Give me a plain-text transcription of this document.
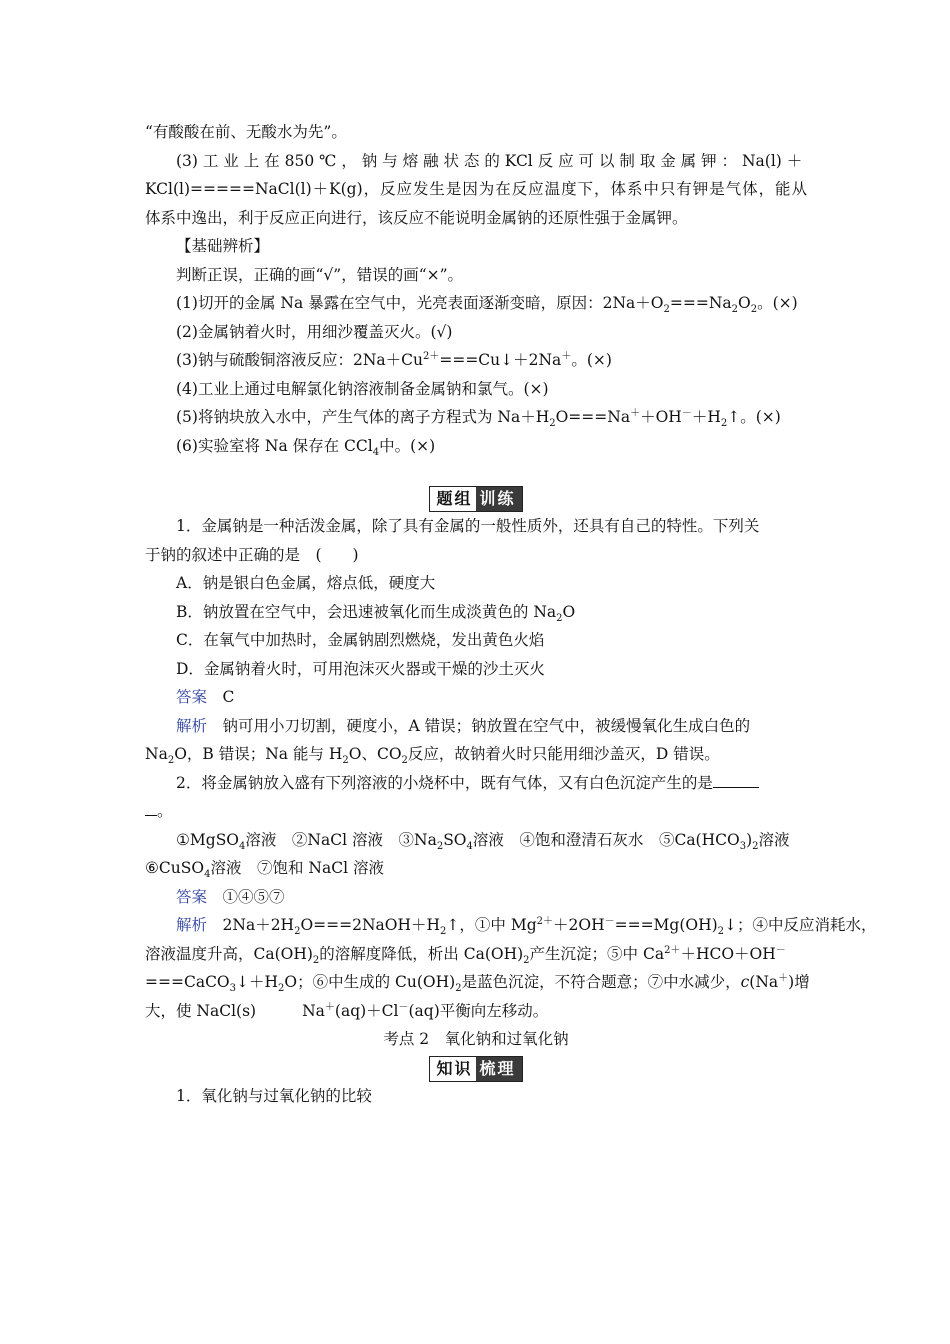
“有酸酸在前、无酸水为先”。
(3) 工 业 上 在 850 ℃ ， 钠 与 熔 融 状 态 的 KCl 反 应 可 以 制 取 金 属 钾 ： Na(l) ＋
KCl(l)=====NaCl(l)＋K(g)，反应发生是因为在反应温度下，体系中只有钾是气体，能从
体系中逸出，利于反应正向进行，该反应不能说明金属钠的还原性强于金属钾。
【基础辨析】
判断正误，正确的画“√”，错误的画“×”。
(1)切开的金属 Na 暴露在空气中，光亮表面逐渐变暗，原因：$2Na+O_2===Na_2O_2$。(×)
(2)金属钠着火时，用细沙覆盖灭火。(√)
(3)钠与硫酸铜溶液反应：$2Na+Cu^{2+}===Cu↓+2Na^+$。(×)
(4)工业上通过电解氯化钠溶液制备金属钠和氯气。(×)
(5)将钠块放入水中，产生气体的离子方程式为 $Na+H_2O===Na^++OH^-+H_2↑$。(×)
(6)实验室将 Na 保存在 CCl$_4$中。(×)
题组 训练
1．金属钠是一种活泼金属，除了具有金属的一般性质外，还具有自己的特性。下列关
于钠的叙述中正确的是　(　　)
A．钠是银白色金属，熔点低，硬度大
B．钠放置在空气中，会迅速被氧化而生成淡黄色的 $Na_2O$
C．在氧气中加热时，金属钠剧烈燃烧，发出黄色火焰
D．金属钠着火时，可用泡沫灭火器或干燥的沙土灭火
答案　 C
解析　 钠可用小刀切割，硬度小，A 错误；钠放置在空气中，被缓慢氧化生成白色的
$Na_2O$，B 错误；Na 能与 $H_2O$、$CO_2$反应，故钠着火时只能用细沙盖灭，D 错误。
2．将金属钠放入盛有下列溶液的小烧杯中，既有气体，又有白色沉淀产生的是
。
①MgSO$_4$溶液　 ②NaCl 溶液　 $③Na_2SO_4$溶液　 ④饱和澄清石灰水　 $⑤Ca(HCO_3)_2$溶液
⑥CuSO$_4$溶液　 ⑦饱和 NaCl 溶液
答案　 ①④⑤⑦
解析　 $2Na+2H_2O===2NaOH+H_2↑$，①中 $Mg^{2+}+2OH^-===Mg(OH)_2↓$；④中反应消耗水，
溶液温度升高，$Ca(OH)_2$的溶解度降低，析出 $Ca(OH)_2$产生沉淀；⑤中 $Ca^{2+}+HCO+OH^-$
$===CaCO_3↓+H_2O$；⑥中生成的 $Cu(OH)_2$是蓝色沉淀，不符合题意；⑦中水减少，c(Na＋)增
大，使 NaCl(s)	Na＋(aq)＋Cl－(aq)平衡向左移动。
考点 2　氧化钠和过氧化钠
知识 梳理
1．氧化钠与过氧化钠的比较
